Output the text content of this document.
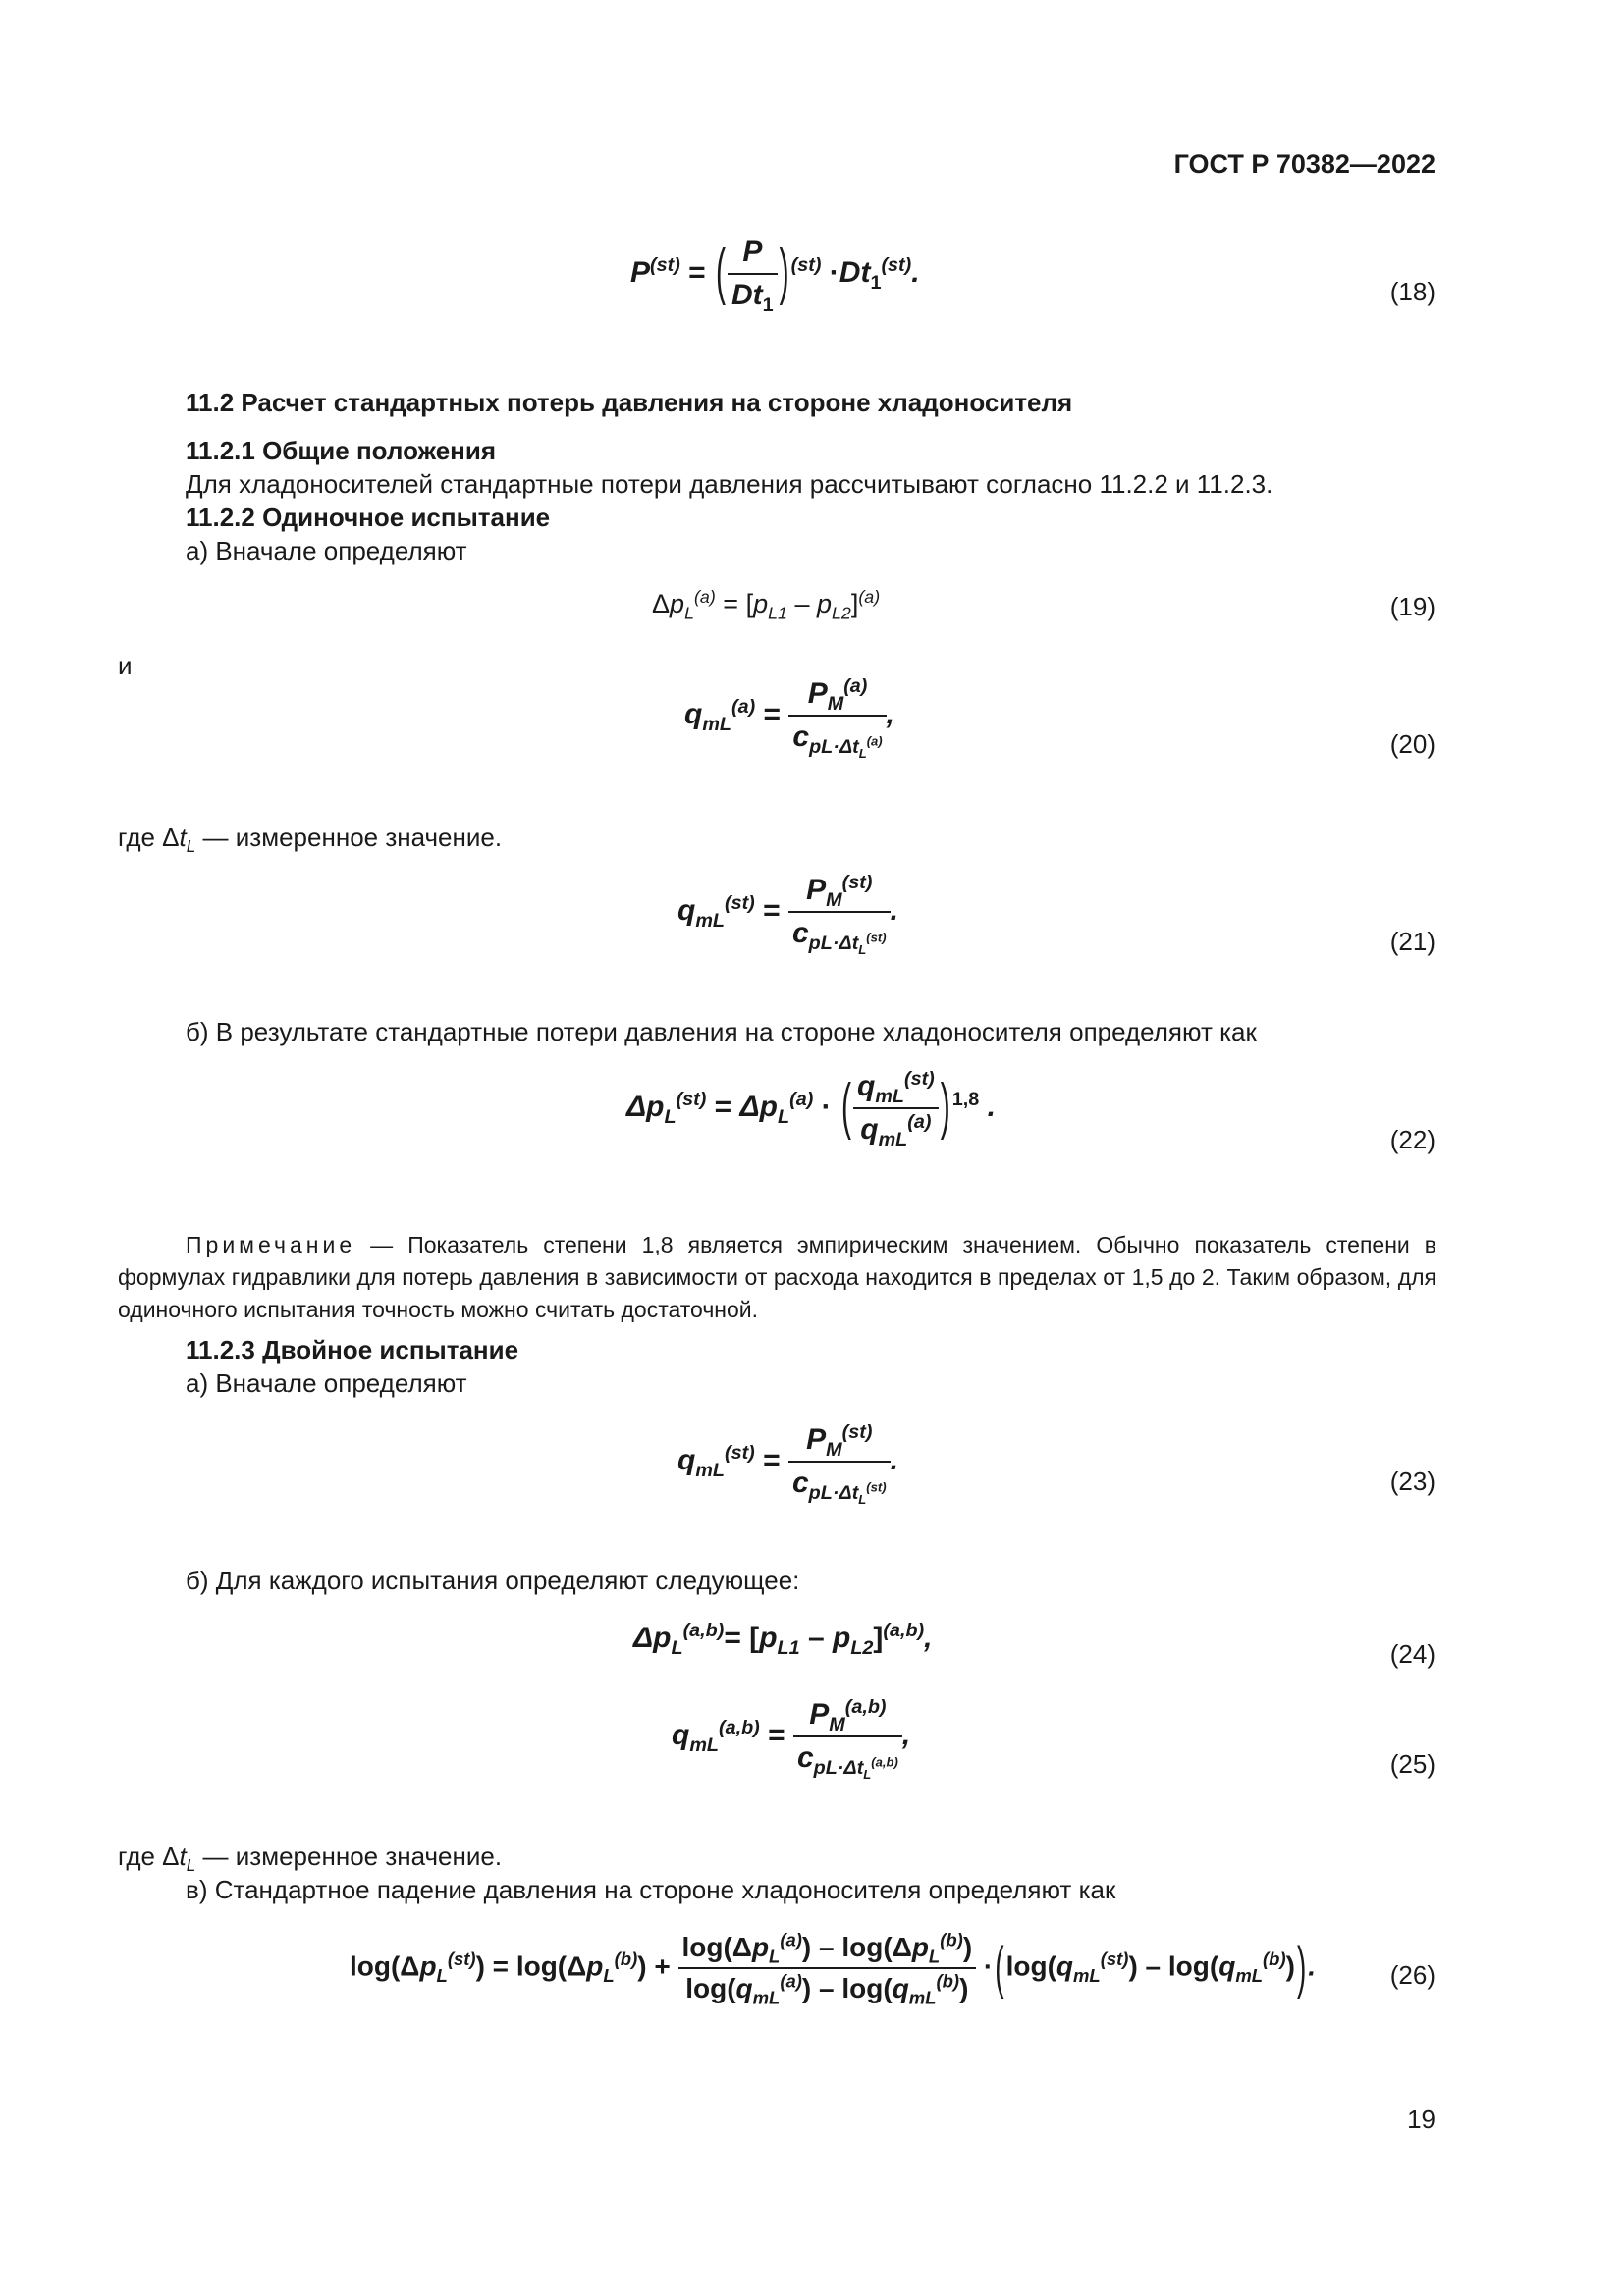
ГОСТ Р 70382—2022
$P^{(st)}$ = ( $\frac{P}{Dt_1}$ ) $^{(st)} \cdot Dt_1^{(st)}$.
(18)
11.2 Расчет стандартных потерь давления на стороне хладоносителя
11.2.1 Общие положения
Для хладоносителей стандартные потери давления рассчитывают согласно 11.2.2 и 11.2.3.
11.2.2 Одиночное испытание
а) Вначале определяют
$\Delta p_L^{(a)} = [p_{L1} - p_{L2}]^{(a)}$	(19)
и
$q_{mL}^{(a)} = \frac{P_M^{(a)}}{c_{pL\cdot\Delta t_L^{(a)}}}$ ,
(20)
где $\Delta t_L$ — измеренное значение.
$q_{mL}^{(st)} = \frac{P_M^{(st)}}{c_{pL\cdot\Delta t_L^{(st)}}}$ .
(21)
б) В результате стандартные потери давления на стороне хладоносителя определяют как
$\Delta p_L^{(st)} = \Delta p_L^{(a)}$ · ( $\frac{q_{mL}^{(st)}}{q_{mL}^{(a)}}$ ) $^{1,8}$ .
(22)
Примечание — Показатель степени 1,8 является эмпирическим значением. Обычно показатель степени в формулах гидравлики для потерь давления в зависимости от расхода находится в пределах от 1,5 до 2. Таким образом, для одиночного испытания точность можно считать достаточной.
11.2.3 Двойное испытание
а) Вначале определяют
$q_{mL}^{(st)} = \frac{P_M^{(st)}}{c_{pL\cdot\Delta t_L^{(st)}}}$ .
(23)
б) Для каждого испытания определяют следующее:
$\Delta p_L^{(a,b)}= [p_{L1} - p_{L2}]^{(a,b)}$,	(24)
$q_{mL}^{(a,b)} = \frac{P_M^{(a,b)}}{c_{pL\cdot\Delta t_L^{(a,b)}}}$ ,
(25)
где $\Delta t_L$ — измеренное значение.
в) Стандартное падение давления на стороне хладоносителя определяют как
$\log(\Delta p_L^{(st)}) = \log(\Delta p_L^{(b)}) + \frac{\log(\Delta p_L^{(a)}) - \log(\Delta p_L^{(b)})}{\log(q_{mL}^{(a)}) - \log(q_{mL}^{(b)})} \cdot(\log(q_{mL}^{(st)}) - \log(q_{mL}^{(b)}))$.	(26)
19
